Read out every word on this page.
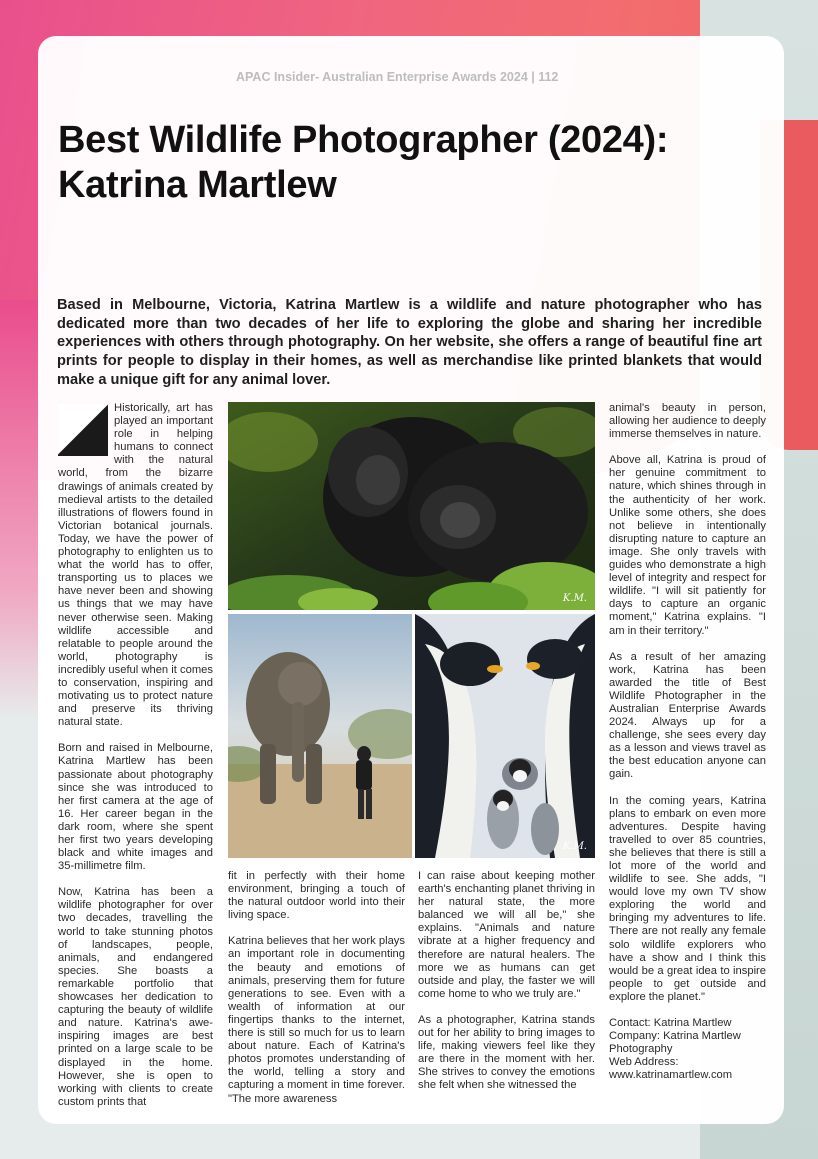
APAC Insider- Australian Enterprise Awards 2024 | 112
Best Wildlife Photographer (2024): Katrina Martlew

Based in Melbourne, Victoria, Katrina Martlew is a wildlife and nature photographer who has dedicated more than two decades of her life to exploring the globe and sharing her incredible experiences with others through photography. On her website, she offers a range of beautiful fine art prints for people to display in their homes, as well as merchandise like printed blankets that would make a unique gift for any animal lover.

Historically, art has played an important role in helping humans to connect with the natural world, from the bizarre drawings of animals created by medieval artists to the detailed illustrations of flowers found in Victorian botanical journals. Today, we have the power of photography to enlighten us to what the world has to offer, transporting us to places we have never been and showing us things that we may have never otherwise seen. Making wildlife accessible and relatable to people around the world, photography is incredibly useful when it comes to conservation, inspiring and motivating us to protect nature and preserve its thriving natural state.

Born and raised in Melbourne, Katrina Martlew has been passionate about photography since she was introduced to her first camera at the age of 16. Her career began in the dark room, where she spent her first two years developing black and white images and 35-millimetre film.

Now, Katrina has been a wildlife photographer for over two decades, travelling the world to take stunning photos of landscapes, people, animals, and endangered species. She boasts a remarkable portfolio that showcases her dedication to capturing the beauty of wildlife and nature. Katrina's awe-inspiring images are best printed on a large scale to be displayed in the home. However, she is open to working with clients to create custom prints that

K.M.
K.M.

fit in perfectly with their home environment, bringing a touch of the natural outdoor world into their living space.

Katrina believes that her work plays an important role in documenting the beauty and emotions of animals, preserving them for future generations to see. Even with a wealth of information at our fingertips thanks to the internet, there is still so much for us to learn about nature. Each of Katrina's photos promotes understanding of the world, telling a story and capturing a moment in time forever. "The more awareness

I can raise about keeping mother earth's enchanting planet thriving in her natural state, the more balanced we will all be," she explains. "Animals and nature vibrate at a higher frequency and therefore are natural healers. The more we as humans can get outside and play, the faster we will come home to who we truly are."

As a photographer, Katrina stands out for her ability to bring images to life, making viewers feel like they are there in the moment with her. She strives to convey the emotions she felt when she witnessed the

animal's beauty in person, allowing her audience to deeply immerse themselves in nature.

Above all, Katrina is proud of her genuine commitment to nature, which shines through in the authenticity of her work. Unlike some others, she does not believe in intentionally disrupting nature to capture an image. She only travels with guides who demonstrate a high level of integrity and respect for wildlife. "I will sit patiently for days to capture an organic moment," Katrina explains. "I am in their territory."

As a result of her amazing work, Katrina has been awarded the title of Best Wildlife Photographer in the Australian Enterprise Awards 2024. Always up for a challenge, she sees every day as a lesson and views travel as the best education anyone can gain.

In the coming years, Katrina plans to embark on even more adventures. Despite having travelled to over 85 countries, she believes that there is still a lot more of the world and wildlife to see. She adds, "I would love my own TV show exploring the world and bringing my adventures to life. There are not really any female solo wildlife explorers who have a show and I think this would be a great idea to inspire people to get outside and explore the planet."

Contact: Katrina Martlew
Company: Katrina Martlew Photography
Web Address: www.katrinamartlew.com
